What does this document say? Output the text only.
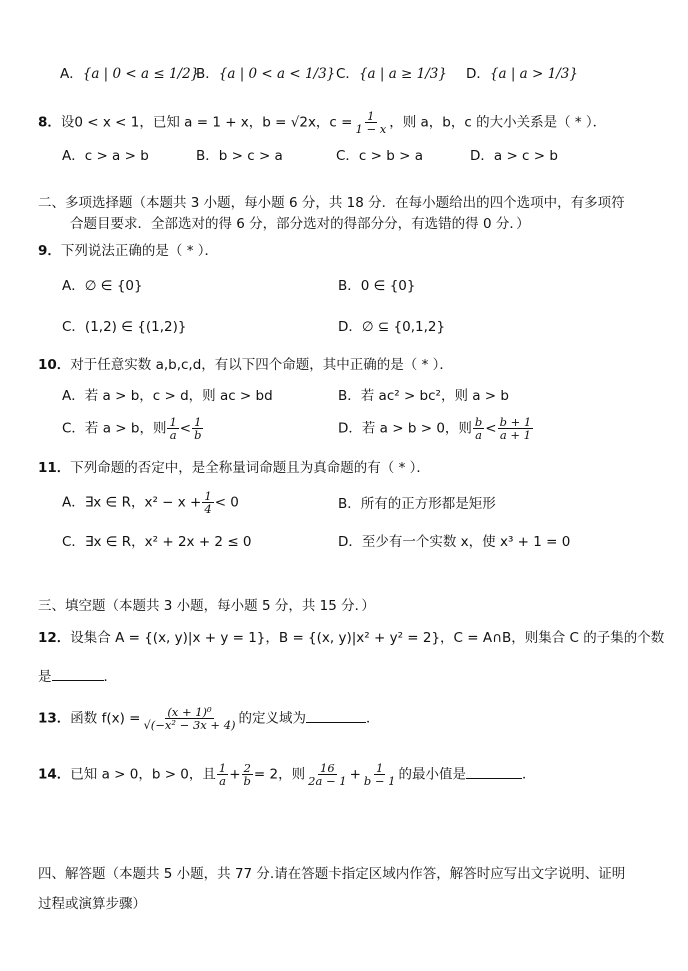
A．{a | 0 < a ≤ 1/2}
B．{a | 0 < a < 1/3} C．{a | a ≥ 1/3} D．{a | a > 1/3}
8．设0 < x < 1，已知 a = 1 + x，b = √2x，$c = \frac{1}{1 - x}$ ，则 a，b，c 的大小关系是（ * ）．
A．c > a > b	B．b > c > a	C．c > b > a	D．a > c > b
二、多项选择题（本题共 3 小题，每小题 6 分，共 18 分．在每小题给出的四个选项中，有多项符
合题目要求．全部选对的得 6 分，部分选对的得部分分，有选错的得 0 分．）
9．下列说法正确的是（ * ）．
A．∅ ∈ {0}	B．0 ∈ {0}
C．(1,2) ∈ {(1,2)}	D．∅ ⊆ {0,1,2}
10．对于任意实数 a,b,c,d，有以下四个命题，其中正确的是（ * ）．
A．若 a > b，c > d，则 ac > bd	B．若 ac² > bc²，则 a > b
C．若 a > b，则 $\frac{1}{a} < \frac{1}{b}$	D．若 a > b > 0，则 $\frac{b}{a} < \frac{b + 1}{a + 1}$
11．下列命题的否定中，是全称量词命题且为真命题的有（ * ）．
A．∃x ∈ R，$x^2 - x + \frac{1}{4} < 0$	B．所有的正方形都是矩形
C．∃x ∈ R，x² + 2x + 2 ≤ 0	D．至少有一个实数 x，使 x³ + 1 = 0
三、填空题（本题共 3 小题，每小题 5 分，共 15 分．）
12．设集合 A = {(x, y)|x + y = 1}，B = {(x, y)|x² + y² = 2}，C = A∩B，则集合 C 的子集的个数
是	．
13．函数 $f(x) = \frac{\text{(x + 1)⁰}}{\text{√(−x² − 3x + 4)}}$ 的定义域为	．
14．已知 a > 0，b > 0，且 $\frac{1}{a} + \frac{2}{b} = 2$，则 $\frac{16}{2a - 1} + \frac{1}{b - 1}$ 的最小值是	．
四、解答题（本题共 5 小题，共 77 分.请在答题卡指定区域内作答，解答时应写出文字说明、证明
过程或演算步骤）
